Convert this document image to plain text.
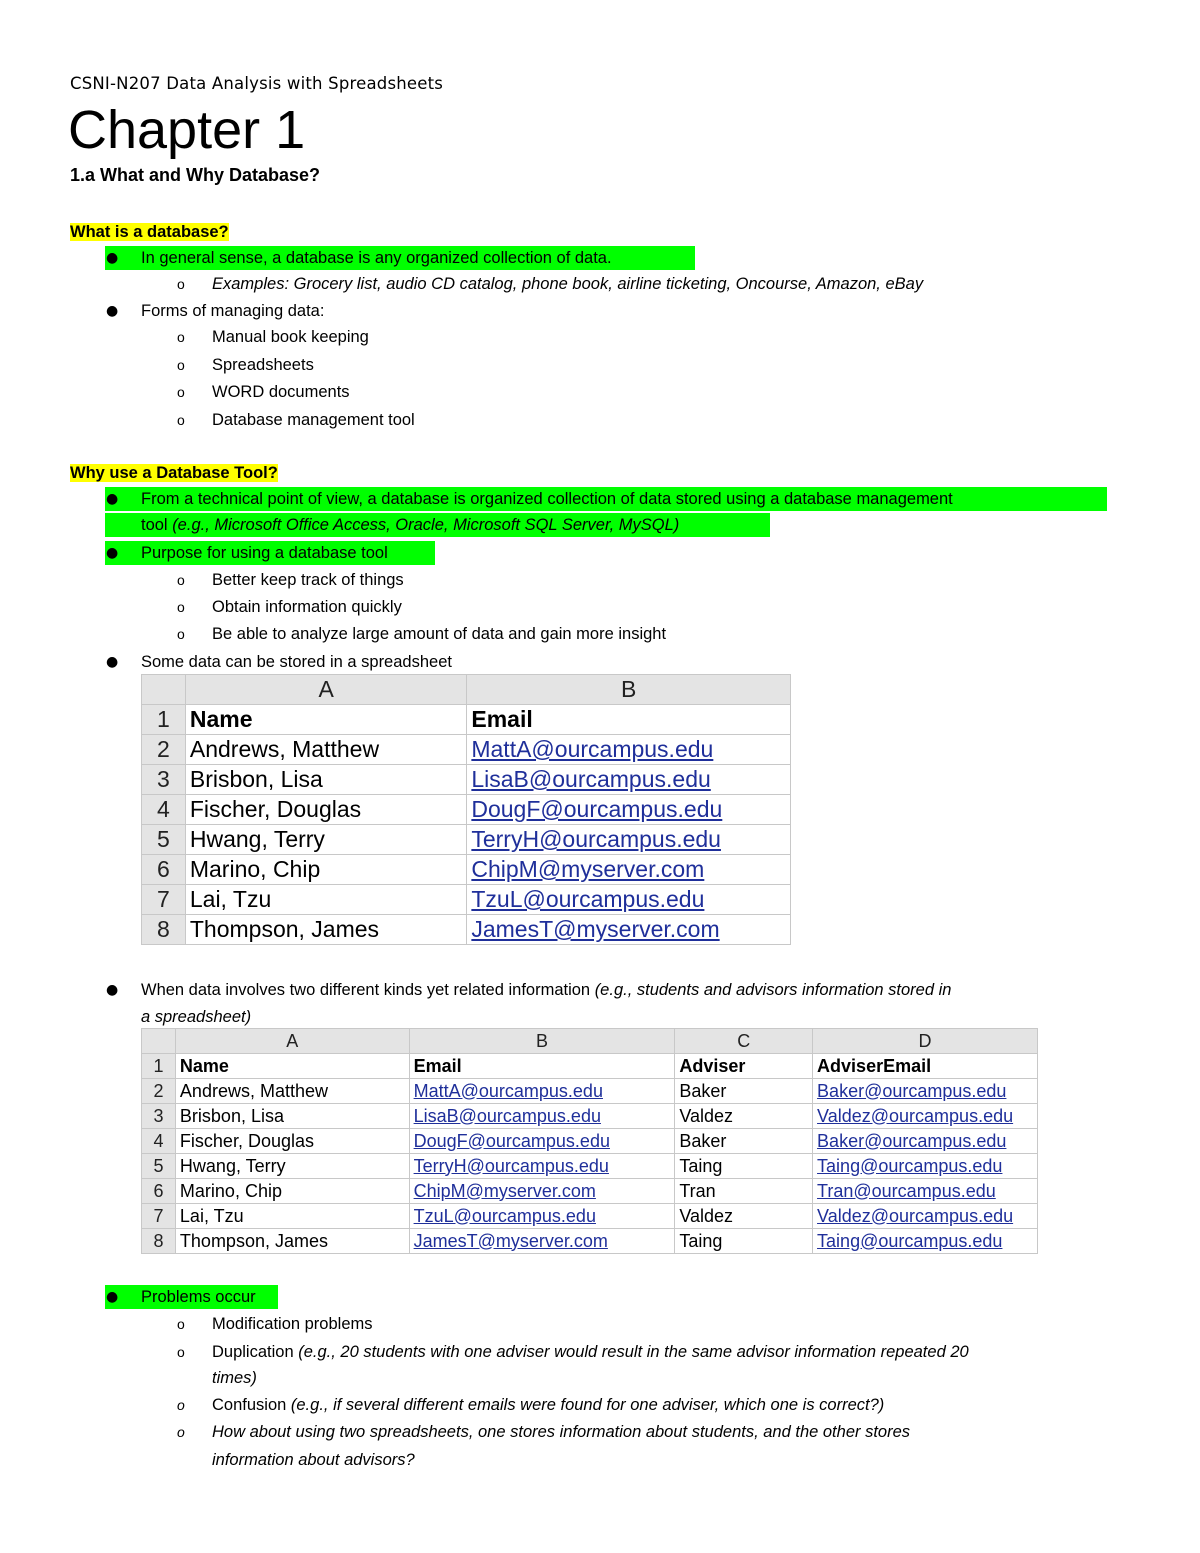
CSNI-N207 Data Analysis with Spreadsheets
Chapter 1
1.a What and Why Database?
What is a database?
● In general sense, a database is any organized collection of data.
o Examples: Grocery list, audio CD catalog, phone book, airline ticketing, Oncourse, Amazon, eBay
● Forms of managing data:
o Manual book keeping
o Spreadsheets
o WORD documents
o Database management tool
Why use a Database Tool?
● From a technical point of view, a database is organized collection of data stored using a database management
tool (e.g., Microsoft Office Access, Oracle, Microsoft SQL Server, MySQL)
● Purpose for using a database tool
o Better keep track of things
o Obtain information quickly
o Be able to analyze large amount of data and gain more insight
● Some data can be stored in a spreadsheet
	A	B
1	Name	Email
2	Andrews, Matthew	MattA@ourcampus.edu
3	Brisbon, Lisa	LisaB@ourcampus.edu
4	Fischer, Douglas	DougF@ourcampus.edu
5	Hwang, Terry	TerryH@ourcampus.edu
6	Marino, Chip	ChipM@myserver.com
7	Lai, Tzu	TzuL@ourcampus.edu
8	Thompson, James	JamesT@myserver.com
● When data involves two different kinds yet related information (e.g., students and advisors information stored in
a spreadsheet)
	A	B	C	D
1	Name	Email	Adviser	AdviserEmail
2	Andrews, Matthew	MattA@ourcampus.edu	Baker	Baker@ourcampus.edu
3	Brisbon, Lisa	LisaB@ourcampus.edu	Valdez	Valdez@ourcampus.edu
4	Fischer, Douglas	DougF@ourcampus.edu	Baker	Baker@ourcampus.edu
5	Hwang, Terry	TerryH@ourcampus.edu	Taing	Taing@ourcampus.edu
6	Marino, Chip	ChipM@myserver.com	Tran	Tran@ourcampus.edu
7	Lai, Tzu	TzuL@ourcampus.edu	Valdez	Valdez@ourcampus.edu
8	Thompson, James	JamesT@myserver.com	Taing	Taing@ourcampus.edu
● Problems occur
o Modification problems
o Duplication (e.g., 20 students with one adviser would result in the same advisor information repeated 20
times)
o Confusion (e.g., if several different emails were found for one adviser, which one is correct?)
o How about using two spreadsheets, one stores information about students, and the other stores
information about advisors?
